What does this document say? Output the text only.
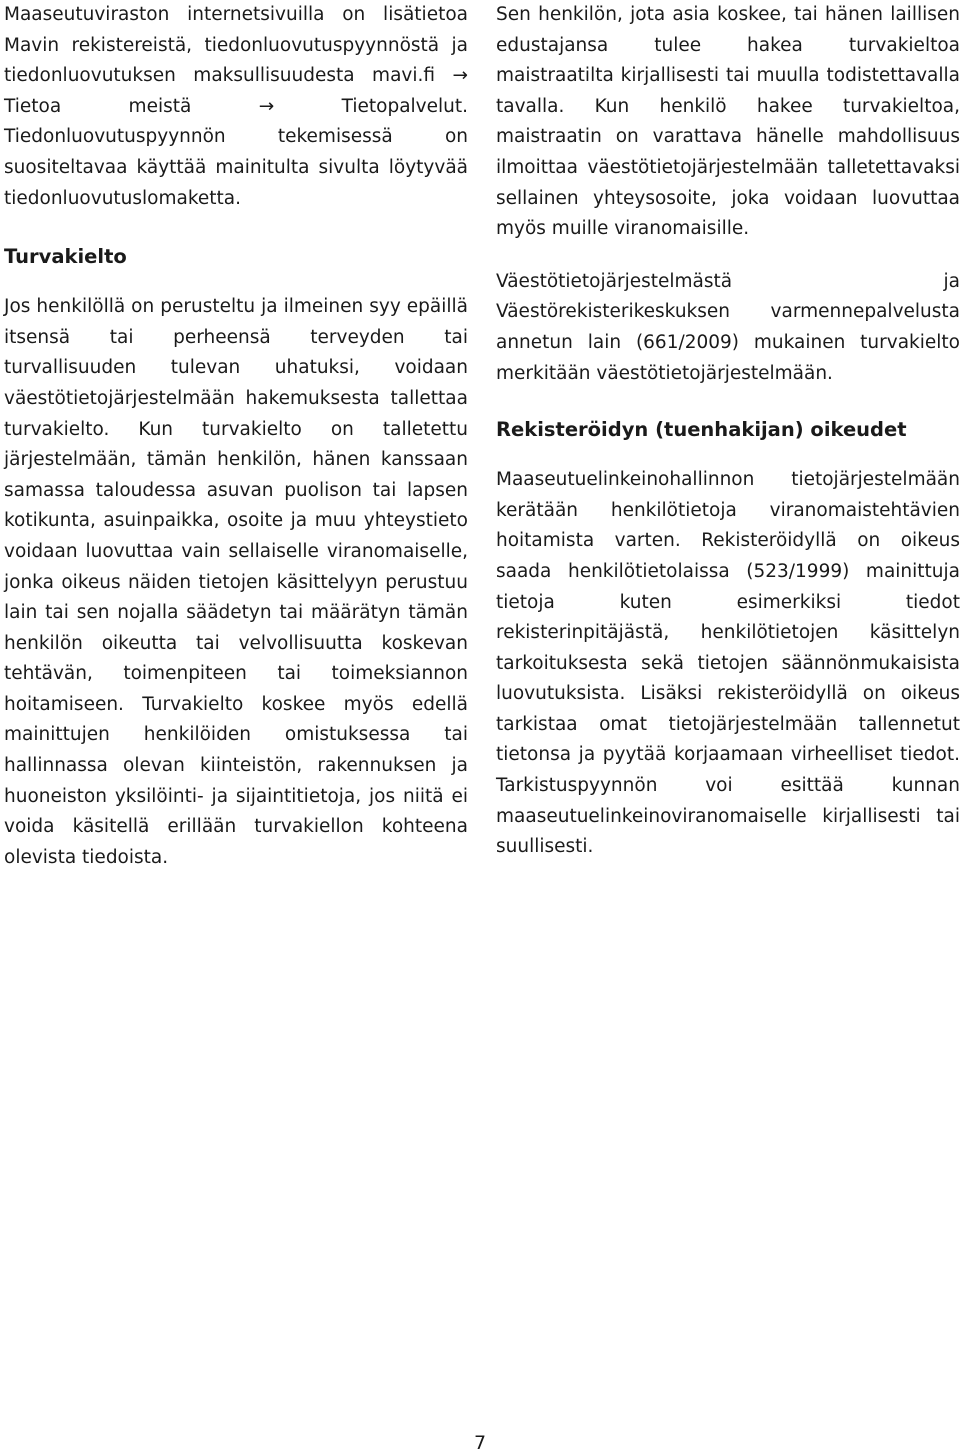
Maaseutuviraston internetsivuilla on lisätietoa Mavin rekistereistä, tiedonluovutuspyynnöstä ja tiedonluovutuksen maksullisuudesta mavi.fi → Tietoa meistä → Tietopalvelut. Tiedonluovutuspyynnön tekemisessä on suositeltavaa käyttää mainitulta sivulta löytyvää tiedonluovutuslomaketta.

Turvakielto

Jos henkilöllä on perusteltu ja ilmeinen syy epäillä itsensä tai perheensä terveyden tai turvallisuuden tulevan uhatuksi, voidaan väestötietojärjestelmään hakemuksesta tallettaa turvakielto. Kun turvakielto on talletettu järjestelmään, tämän henkilön, hänen kanssaan samassa taloudessa asuvan puolison tai lapsen kotikunta, asuinpaikka, osoite ja muu yhteystieto voidaan luovuttaa vain sellaiselle viranomaiselle, jonka oikeus näiden tietojen käsittelyyn perustuu lain tai sen nojalla säädetyn tai määrätyn tämän henkilön oikeutta tai velvollisuutta koskevan tehtävän, toimenpiteen tai toimeksiannon hoitamiseen. Turvakielto koskee myös edellä mainittujen henkilöiden omistuksessa tai hallinnassa olevan kiinteistön, rakennuksen ja huoneiston yksilöinti- ja sijaintitietoja, jos niitä ei voida käsitellä erillään turvakiellon kohteena olevista tiedoista.

Sen henkilön, jota asia koskee, tai hänen laillisen edustajansa tulee hakea turvakieltoa maistraatilta kirjallisesti tai muulla todistettavalla tavalla. Kun henkilö hakee turvakieltoa, maistraatin on varattava hänelle mahdollisuus ilmoittaa väestötietojärjestelmään talletettavaksi sellainen yhteysosoite, joka voidaan luovuttaa myös muille viranomaisille.

Väestötietojärjestelmästä ja Väestörekisterikeskuksen varmennepalvelusta annetun lain (661/2009) mukainen turvakielto merkitään väestötietojärjestelmään.

Rekisteröidyn (tuenhakijan) oikeudet

Maaseutuelinkeinohallinnon tietojärjestelmään kerätään henkilötietoja viranomaistehtävien hoitamista varten. Rekisteröidyllä on oikeus saada henkilötietolaissa (523/1999) mainittuja tietoja kuten esimerkiksi tiedot rekisterinpitäjästä, henkilötietojen käsittelyn tarkoituksesta sekä tietojen säännönmukaisista luovutuksista. Lisäksi rekisteröidyllä on oikeus tarkistaa omat tietojärjestelmään tallennetut tietonsa ja pyytää korjaamaan virheelliset tiedot. Tarkistuspyynnön voi esittää kunnan maaseutuelinkeinoviranomaiselle kirjallisesti tai suullisesti.

7
